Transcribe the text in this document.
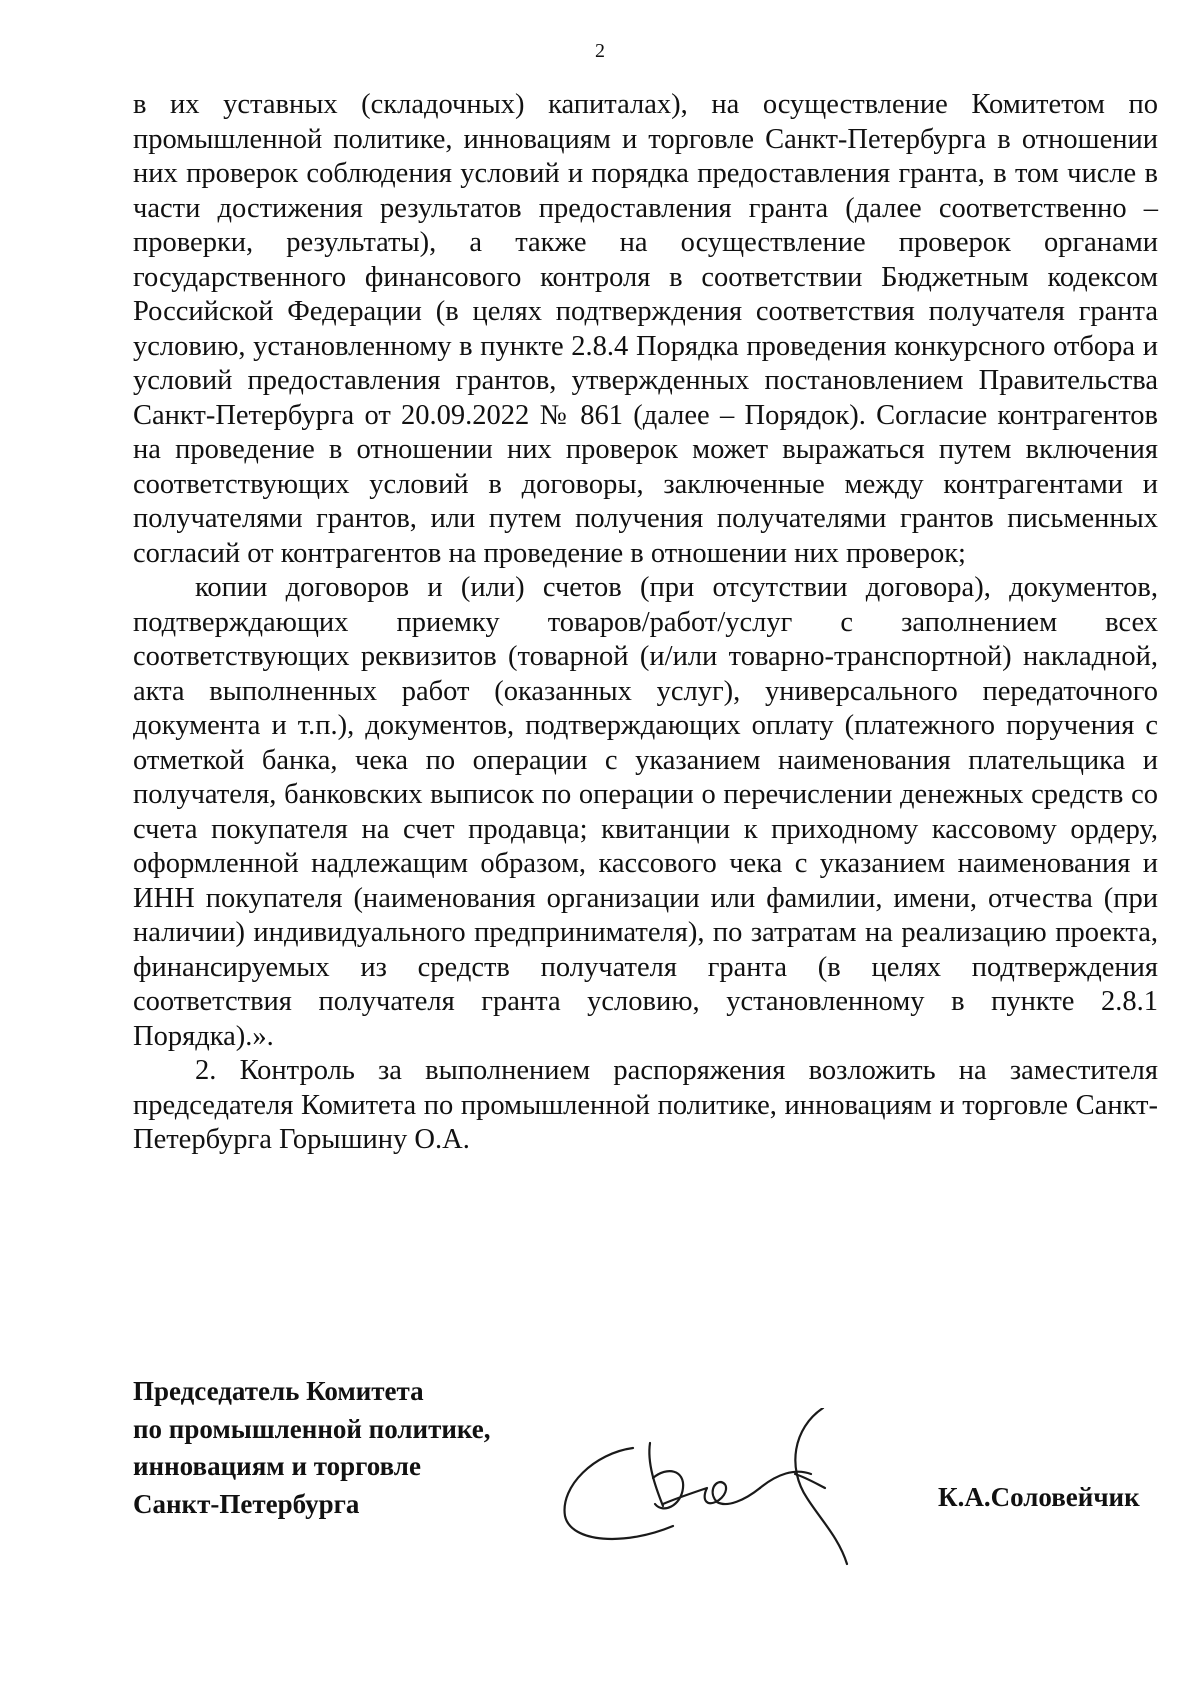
2

в их уставных (складочных) капиталах), на осуществление Комитетом по промышленной политике, инновациям и торговле Санкт-Петербурга в отношении них проверок соблюдения условий и порядка предоставления гранта, в том числе в части достижения результатов предоставления гранта (далее соответственно – проверки, результаты), а также на осуществление проверок органами государственного финансового контроля в соответствии Бюджетным кодексом Российской Федерации (в целях подтверждения соответствия получателя гранта условию, установленному в пункте 2.8.4 Порядка проведения конкурсного отбора и условий предоставления грантов, утвержденных постановлением Правительства Санкт-Петербурга от 20.09.2022 № 861 (далее – Порядок). Согласие контрагентов на проведение в отношении них проверок может выражаться путем включения соответствующих условий в договоры, заключенные между контрагентами и получателями грантов, или путем получения получателями грантов письменных согласий от контрагентов на проведение в отношении них проверок;

копии договоров и (или) счетов (при отсутствии договора), документов, подтверждающих приемку товаров/работ/услуг с заполнением всех соответствующих реквизитов (товарной (и/или товарно-транспортной) накладной, акта выполненных работ (оказанных услуг), универсального передаточного документа и т.п.), документов, подтверждающих оплату (платежного поручения с отметкой банка, чека по операции с указанием наименования плательщика и получателя, банковских выписок по операции о перечислении денежных средств со счета покупателя на счет продавца; квитанции к приходному кассовому ордеру, оформленной надлежащим образом, кассового чека с указанием наименования и ИНН покупателя (наименования организации или фамилии, имени, отчества (при наличии) индивидуального предпринимателя), по затратам на реализацию проекта, финансируемых из средств получателя гранта (в целях подтверждения соответствия получателя гранта условию, установленному в пункте 2.8.1 Порядка).».

2. Контроль за выполнением распоряжения возложить на заместителя председателя Комитета по промышленной политике, инновациям и торговле Санкт-Петербурга Горышину О.А.

Председатель Комитета
по промышленной политике,
инновациям и торговле
Санкт-Петербурга	К.А.Соловейчик
